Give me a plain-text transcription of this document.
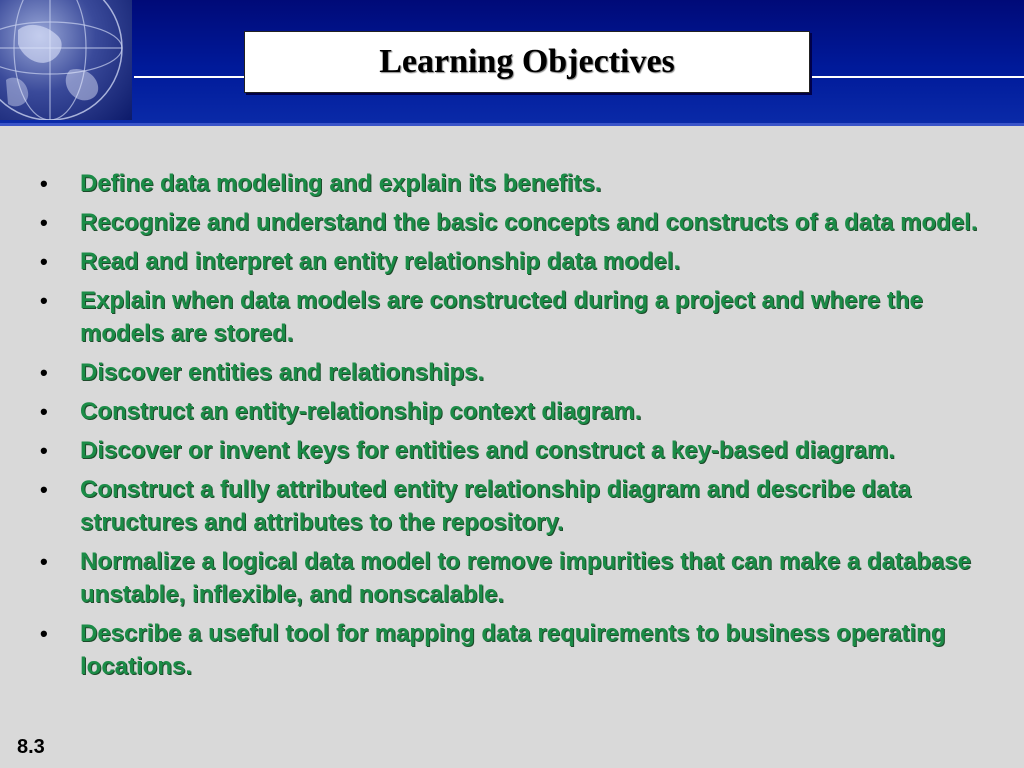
Learning Objectives
•	Define data modeling and explain its benefits.
•	Recognize and understand the basic concepts and constructs of a data model.
•	Read and interpret an entity relationship data model.
•	Explain when data models are constructed during a project and where the models are stored.
•	Discover entities and relationships.
•	Construct an entity-relationship context diagram.
•	Discover or invent keys for entities and construct a key-based diagram.
•	Construct a fully attributed entity relationship diagram and describe data structures and attributes to the repository.
•	Normalize a logical data model to remove impurities that can make a database unstable, inflexible, and nonscalable.
•	Describe a useful tool for mapping data requirements to business operating locations.
8.3
